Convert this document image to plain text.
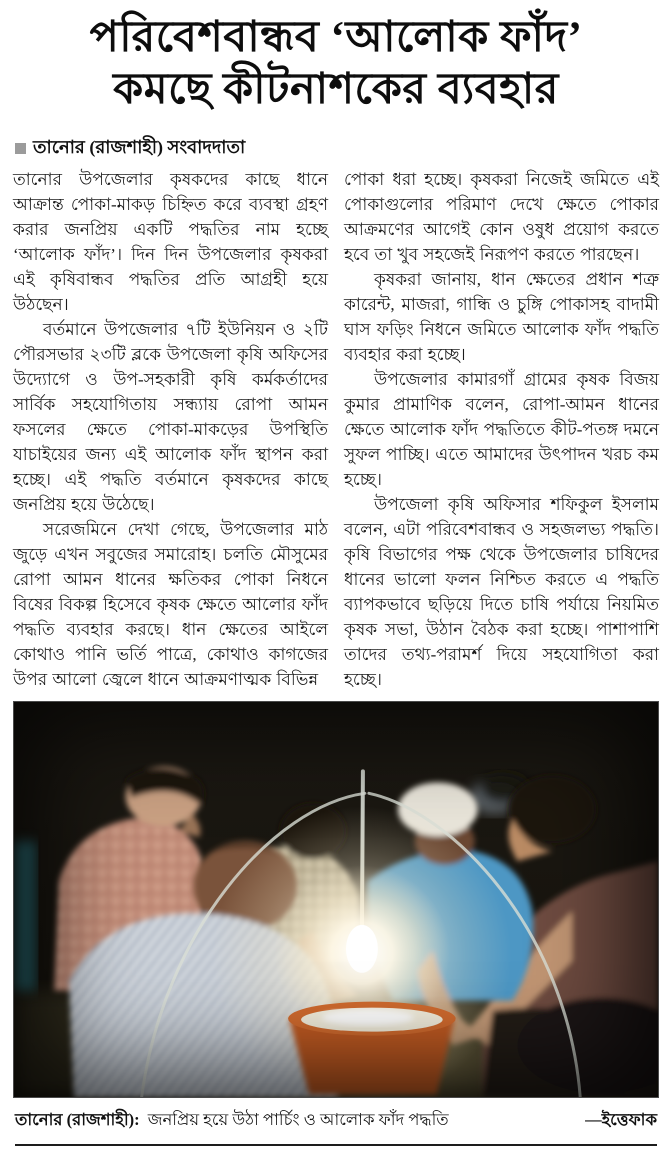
পরিবেশবান্ধব ‘আলোক ফাঁদ’
কমছে কীটনাশকের ব্যবহার
তানোর (রাজশাহী) সংবাদদাতা

তানোর উপজেলার কৃষকদের কাছে ধানে আক্রান্ত পোকা-মাকড় চিহ্নিত করে ব্যবস্থা গ্রহণ করার জনপ্রিয় একটি পদ্ধতির নাম হচ্ছে ‘আলোক ফাঁদ’। দিন দিন উপজেলার কৃষকরা এই কৃষিবান্ধব পদ্ধতির প্রতি আগ্রহী হয়ে উঠছেন।

বর্তমানে উপজেলার ৭টি ইউনিয়ন ও ২টি পৌরসভার ২৩টি ব্লকে উপজেলা কৃষি অফিসের উদ্যোগে ও উপ-সহকারী কৃষি কর্মকর্তাদের সার্বিক সহযোগিতায় সন্ধ্যায় রোপা আমন ফসলের ক্ষেতে পোকা-মাকড়ের উপস্থিতি যাচাইয়ের জন্য এই আলোক ফাঁদ স্থাপন করা হচ্ছে। এই পদ্ধতি বর্তমানে কৃষকদের কাছে জনপ্রিয় হয়ে উঠেছে।

সরেজমিনে দেখা গেছে, উপজেলার মাঠ জুড়ে এখন সবুজের সমারোহ। চলতি মৌসুমের রোপা আমন ধানের ক্ষতিকর পোকা নিধনে বিষের বিকল্প হিসেবে কৃষক ক্ষেতে আলোর ফাঁদ পদ্ধতি ব্যবহার করছে। ধান ক্ষেতের আইলে কোথাও পানি ভর্তি পাত্রে, কোথাও কাগজের উপর আলো জ্বেলে ধানে আক্রমণাত্মক বিভিন্ন

পোকা ধরা হচ্ছে। কৃষকরা নিজেই জমিতে এই পোকাগুলোর পরিমাণ দেখে ক্ষেতে পোকার আক্রমণের আগেই কোন ওষুধ প্রয়োগ করতে হবে তা খুব সহজেই নিরূপণ করতে পারছেন।

কৃষকরা জানায়, ধান ক্ষেতের প্রধান শত্রু কারেন্ট, মাজরা, গান্ধি ও চুঙ্গি পোকাসহ বাদামী ঘাস ফড়িং নিধনে জমিতে আলোক ফাঁদ পদ্ধতি ব্যবহার করা হচ্ছে।

উপজেলার কামারগাঁ গ্রামের কৃষক বিজয় কুমার প্রামাণিক বলেন, রোপা-আমন ধানের ক্ষেতে আলোক ফাঁদ পদ্ধতিতে কীট-পতঙ্গ দমনে সুফল পাচ্ছি। এতে আমাদের উৎপাদন খরচ কম হচ্ছে।

উপজেলা কৃষি অফিসার শফিকুল ইসলাম বলেন, এটা পরিবেশবান্ধব ও সহজলভ্য পদ্ধতি। কৃষি বিভাগের পক্ষ থেকে উপজেলার চাষিদের ধানের ভালো ফলন নিশ্চিত করতে এ পদ্ধতি ব্যাপকভাবে ছড়িয়ে দিতে চাষি পর্যায়ে নিয়মিত কৃষক সভা, উঠান বৈঠক করা হচ্ছে। পাশাপাশি তাদের তথ্য-পরামর্শ দিয়ে সহযোগিতা করা হচ্ছে।

তানোর (রাজশাহী): জনপ্রিয় হয়ে উঠা পার্চিং ও আলোক ফাঁদ পদ্ধতি	—ইত্তেফাক
